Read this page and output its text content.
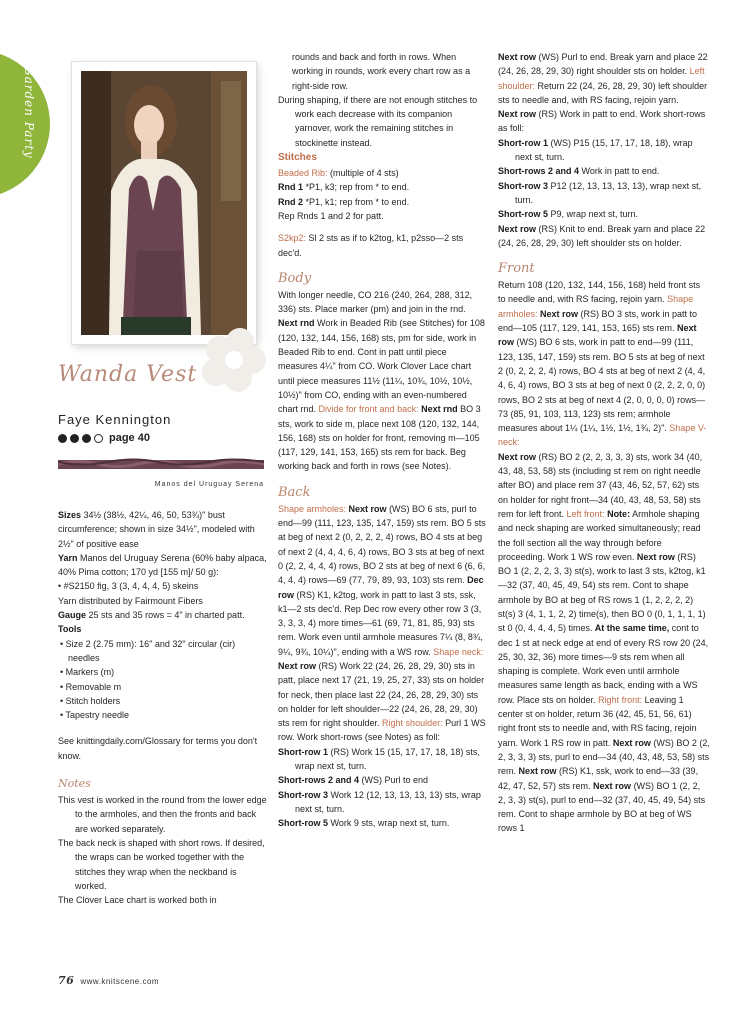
Garden Party
Wanda Vest
Faye Kennington
page 40
Manos del Uruguay Serena

Sizes 34½ (38½, 42¼, 46, 50, 53¾)" bust circumference; shown in size 34½", modeled with 2½" of positive ease

Yarn Manos del Uruguay Serena (60% baby alpaca, 40% Pima cotton; 170 yd [155 m]/ 50 g):

• #S2150 fig, 3 (3, 4, 4, 4, 5) skeins

Yarn distributed by Fairmount Fibers

Gauge 25 sts and 35 rows = 4" in charted patt.

Tools

• Size 2 (2.75 mm): 16" and 32" circular (cir) needles

• Markers (m)

• Removable m

• Stitch holders

• Tapestry needle

See knittingdaily.com/Glossary for terms you don't know.

Notes

This vest is worked in the round from the lower edge to the armholes, and then the fronts and back are worked separately.

The back neck is shaped with short rows. If desired, the wraps can be worked together with the stitches they wrap when the neckband is worked.

The Clover Lace chart is worked both in

rounds and back and forth in rows. When working in rounds, work every chart row as a right-side row.

During shaping, if there are not enough stitches to work each decrease with its companion yarnover, work the remaining stitches in stockinette instead.

Stitches

Beaded Rib: (multiple of 4 sts)

Rnd 1 *P1, k3; rep from * to end.

Rnd 2 *P1, k1; rep from * to end.

Rep Rnds 1 and 2 for patt.

S2kp2: Sl 2 sts as if to k2tog, k1, p2sso—2 sts dec'd.

Body

With longer needle, CO 216 (240, 264, 288, 312, 336) sts. Place marker (pm) and join in the rnd. Next rnd Work in Beaded Rib (see Stitches) for 108 (120, 132, 144, 156, 168) sts, pm for side, work in Beaded Rib to end. Cont in patt until piece measures 4¼" from CO. Work Clover Lace chart until piece measures 11½ (11¼, 10¾, 10½, 10½, 10½)" from CO, ending with an even-numbered chart rnd. Divide for front and back: Next rnd BO 3 sts, work to side m, place next 108 (120, 132, 144, 156, 168) sts on holder for front, removing m—105 (117, 129, 141, 153, 165) sts rem for back. Beg working back and forth in rows (see Notes).

Back

Shape armholes: Next row (WS) BO 6 sts, purl to end—99 (111, 123, 135, 147, 159) sts rem. BO 5 sts at beg of next 2 (0, 2, 2, 2, 4) rows, BO 4 sts at beg of next 2 (4, 4, 4, 6, 4) rows, BO 3 sts at beg of next 0 (2, 2, 4, 4, 4) rows, BO 2 sts at beg of next 6 (6, 6, 4, 4, 4) rows—69 (77, 79, 89, 93, 103) sts rem. Dec row (RS) K1, k2tog, work in patt to last 3 sts, ssk, k1—2 sts dec'd. Rep Dec row every other row 3 (3, 3, 3, 3, 4) more times—61 (69, 71, 81, 85, 93) sts rem. Work even until armhole measures 7¼ (8, 8¾, 9¼, 9¾, 10¼)", ending with a WS row. Shape neck: Next row (RS) Work 22 (24, 26, 28, 29, 30) sts in patt, place next 17 (21, 19, 25, 27, 33) sts on holder for neck, then place last 22 (24, 26, 28, 29, 30) sts on holder for left shoulder—22 (24, 26, 28, 29, 30) sts rem for right shoulder. Right shoulder: Purl 1 WS row. Work short-rows (see Notes) as foll:

Short-row 1 (RS) Work 15 (15, 17, 17, 18, 18) sts, wrap next st, turn.

Short-rows 2 and 4 (WS) Purl to end

Short-row 3 Work 12 (12, 13, 13, 13, 13) sts, wrap next st, turn.

Short-row 5 Work 9 sts, wrap next st, turn.

Next row (WS) Purl to end. Break yarn and place 22 (24, 26, 28, 29, 30) right shoulder sts on holder. Left shoulder: Return 22 (24, 26, 28, 29, 30) left shoulder sts to needle and, with RS facing, rejoin yarn.

Next row (RS) Work in patt to end. Work short-rows as foll:

Short-row 1 (WS) P15 (15, 17, 17, 18, 18), wrap next st, turn.

Short-rows 2 and 4 Work in patt to end.

Short-row 3 P12 (12, 13, 13, 13, 13), wrap next st, turn.

Short-row 5 P9, wrap next st, turn.

Next row (RS) Knit to end. Break yarn and place 22 (24, 26, 28, 29, 30) left shoulder sts on holder.

Front

Return 108 (120, 132, 144, 156, 168) held front sts to needle and, with RS facing, rejoin yarn. Shape armholes: Next row (RS) BO 3 sts, work in patt to end—105 (117, 129, 141, 153, 165) sts rem. Next row (WS) BO 6 sts, work in patt to end—99 (111, 123, 135, 147, 159) sts rem. BO 5 sts at beg of next 2 (0, 2, 2, 2, 4) rows, BO 4 sts at beg of next 2 (4, 4, 4, 6, 4) rows, BO 3 sts at beg of next 0 (2, 2, 2, 0, 0) rows, BO 2 sts at beg of next 4 (2, 0, 0, 0, 0) rows—73 (85, 91, 103, 113, 123) sts rem; armhole measures about 1¼ (1¼, 1½, 1½, 1¾, 2)". Shape V-neck:

Next row (RS) BO 2 (2, 2, 3, 3, 3) sts, work 34 (40, 43, 48, 53, 58) sts (including st rem on right needle after BO) and place rem 37 (43, 46, 52, 57, 62) sts on holder for right front—34 (40, 43, 48, 53, 58) sts rem for left front. Left front: Note: Armhole shaping and neck shaping are worked simultaneously; read the foll section all the way through before proceeding. Work 1 WS row even. Next row (RS) BO 1 (2, 2, 2, 3, 3) st(s), work to last 3 sts, k2tog, k1—32 (37, 40, 45, 49, 54) sts rem. Cont to shape armhole by BO at beg of RS rows 1 (1, 2, 2, 2, 2) st(s) 3 (4, 1, 1, 2, 2) time(s), then BO 0 (0, 1, 1, 1, 1) st 0 (0, 4, 4, 4, 5) times. At the same time, cont to dec 1 st at neck edge at end of every RS row 20 (24, 25, 30, 32, 36) more times—9 sts rem when all shaping is complete. Work even until armhole measures same length as back, ending with a WS row. Place sts on holder. Right front: Leaving 1 center st on holder, return 36 (42, 45, 51, 56, 61) right front sts to needle and, with RS facing, rejoin yarn. Work 1 RS row in patt. Next row (WS) BO 2 (2, 2, 3, 3, 3) sts, purl to end—34 (40, 43, 48, 53, 58) sts rem. Next row (RS) K1, ssk, work to end—33 (39, 42, 47, 52, 57) sts rem. Next row (WS) BO 1 (2, 2, 2, 3, 3) st(s), purl to end—32 (37, 40, 45, 49, 54) sts rem. Cont to shape armhole by BO at beg of WS rows 1

76 www.knitscene.com
